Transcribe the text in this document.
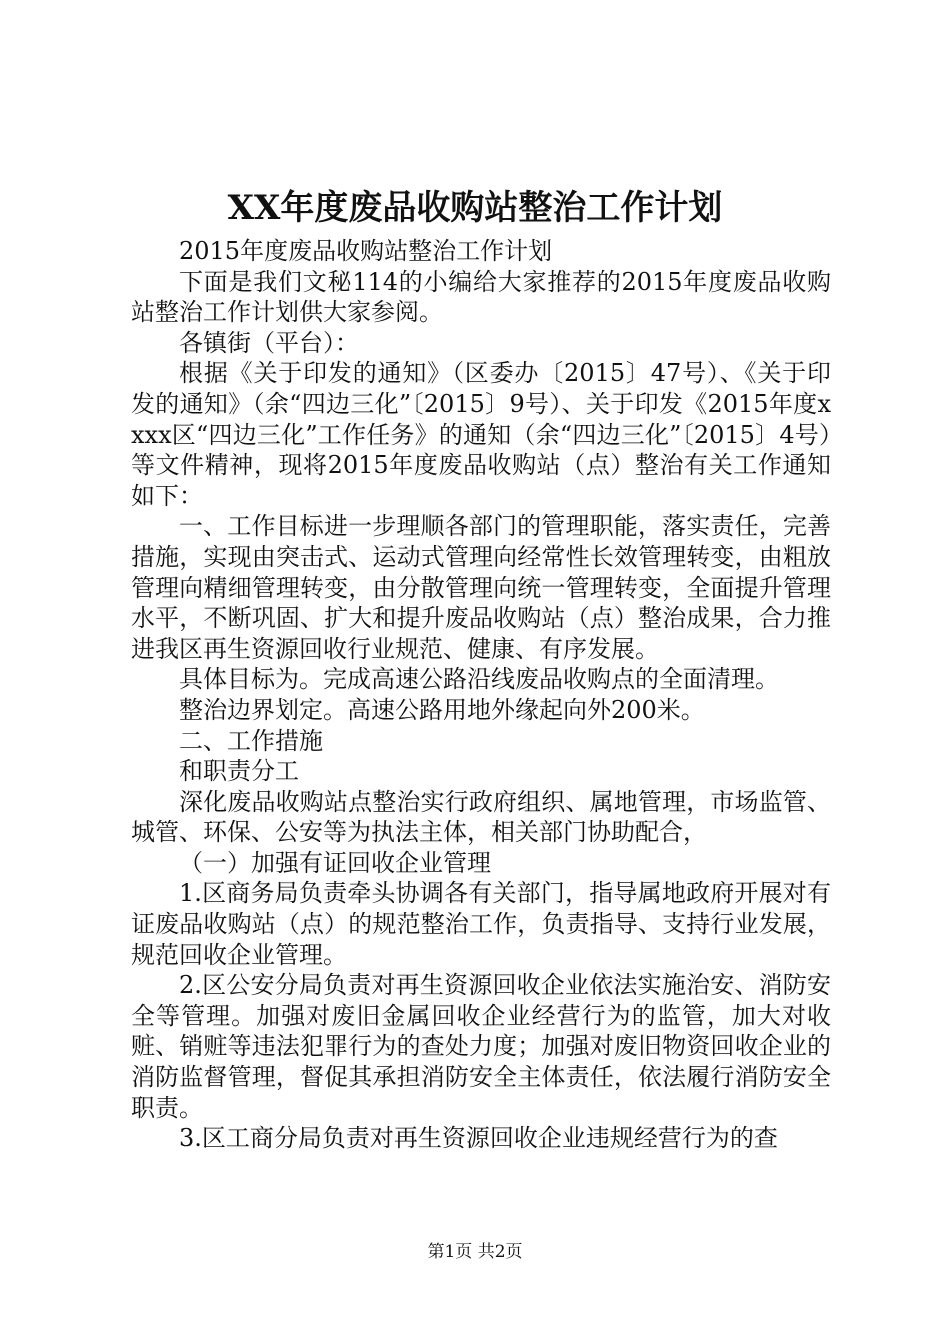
XX年度废品收购站整治工作计划

2015年度废品收购站整治工作计划

下面是我们文秘114的小编给大家推荐的2015年度废品收购站整治工作计划供大家参阅。

各镇街（平台）：

根据《关于印发的通知》（区委办〔2015〕47号）、《关于印发的通知》（余“四边三化”〔2015〕9号）、关于印发《2015年度xxxx区“四边三化”工作任务》的通知（余“四边三化”〔2015〕4号）等文件精神，现将2015年度废品收购站（点）整治有关工作通知如下：

一、工作目标进一步理顺各部门的管理职能，落实责任，完善措施，实现由突击式、运动式管理向经常性长效管理转变，由粗放管理向精细管理转变，由分散管理向统一管理转变，全面提升管理水平，不断巩固、扩大和提升废品收购站（点）整治成果，合力推进我区再生资源回收行业规范、健康、有序发展。

具体目标为。完成高速公路沿线废品收购点的全面清理。

整治边界划定。高速公路用地外缘起向外200米。

二、工作措施

和职责分工

深化废品收购站点整治实行政府组织、属地管理，市场监管、城管、环保、公安等为执法主体，相关部门协助配合，

（一）加强有证回收企业管理

1.区商务局负责牵头协调各有关部门，指导属地政府开展对有证废品收购站（点）的规范整治工作，负责指导、支持行业发展，规范回收企业管理。

2.区公安分局负责对再生资源回收企业依法实施治安、消防安全等管理。加强对废旧金属回收企业经营行为的监管，加大对收赃、销赃等违法犯罪行为的查处力度；加强对废旧物资回收企业的消防监督管理，督促其承担消防安全主体责任，依法履行消防安全职责。

3.区工商分局负责对再生资源回收企业违规经营行为的查

第1页 共2页
